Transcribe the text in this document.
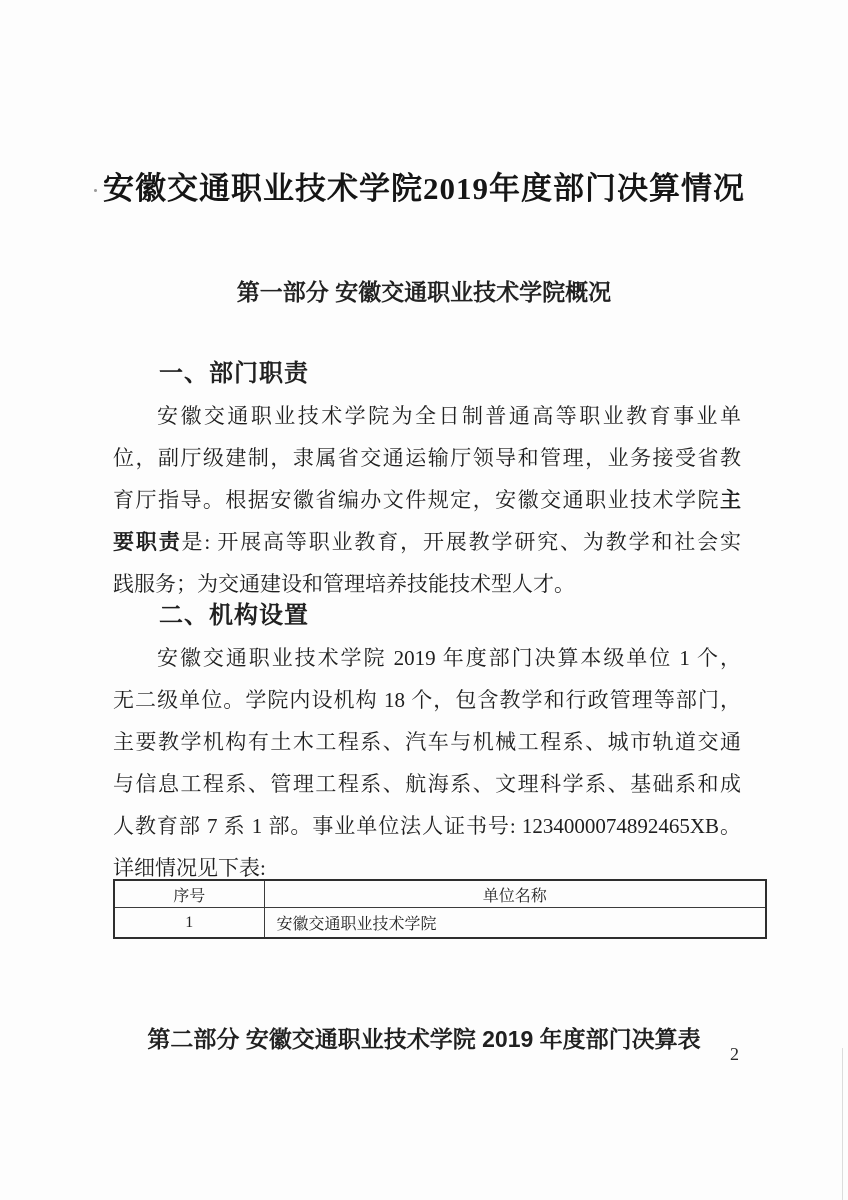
安徽交通职业技术学院2019年度部门决算情况
第一部分 安徽交通职业技术学院概况
一、部门职责
安徽交通职业技术学院为全日制普通高等职业教育事业单
位，副厅级建制，隶属省交通运输厅领导和管理，业务接受省教
育厅指导。根据安徽省编办文件规定，安徽交通职业技术学院主
要职责是: 开展高等职业教育，开展教学研究、为教学和社会实
践服务；为交通建设和管理培养技能技术型人才。
二、机构设置
安徽交通职业技术学院 2019 年度部门决算本级单位 1 个，
无二级单位。学院内设机构 18 个，包含教学和行政管理等部门，
主要教学机构有土木工程系、汽车与机械工程系、城市轨道交通
与信息工程系、管理工程系、航海系、文理科学系、基础系和成
人教育部 7 系 1 部。事业单位法人证书号: 1234000074892465XB。
详细情况见下表:
序号	单位名称
1	安徽交通职业技术学院
第二部分 安徽交通职业技术学院 2019 年度部门决算表
2
